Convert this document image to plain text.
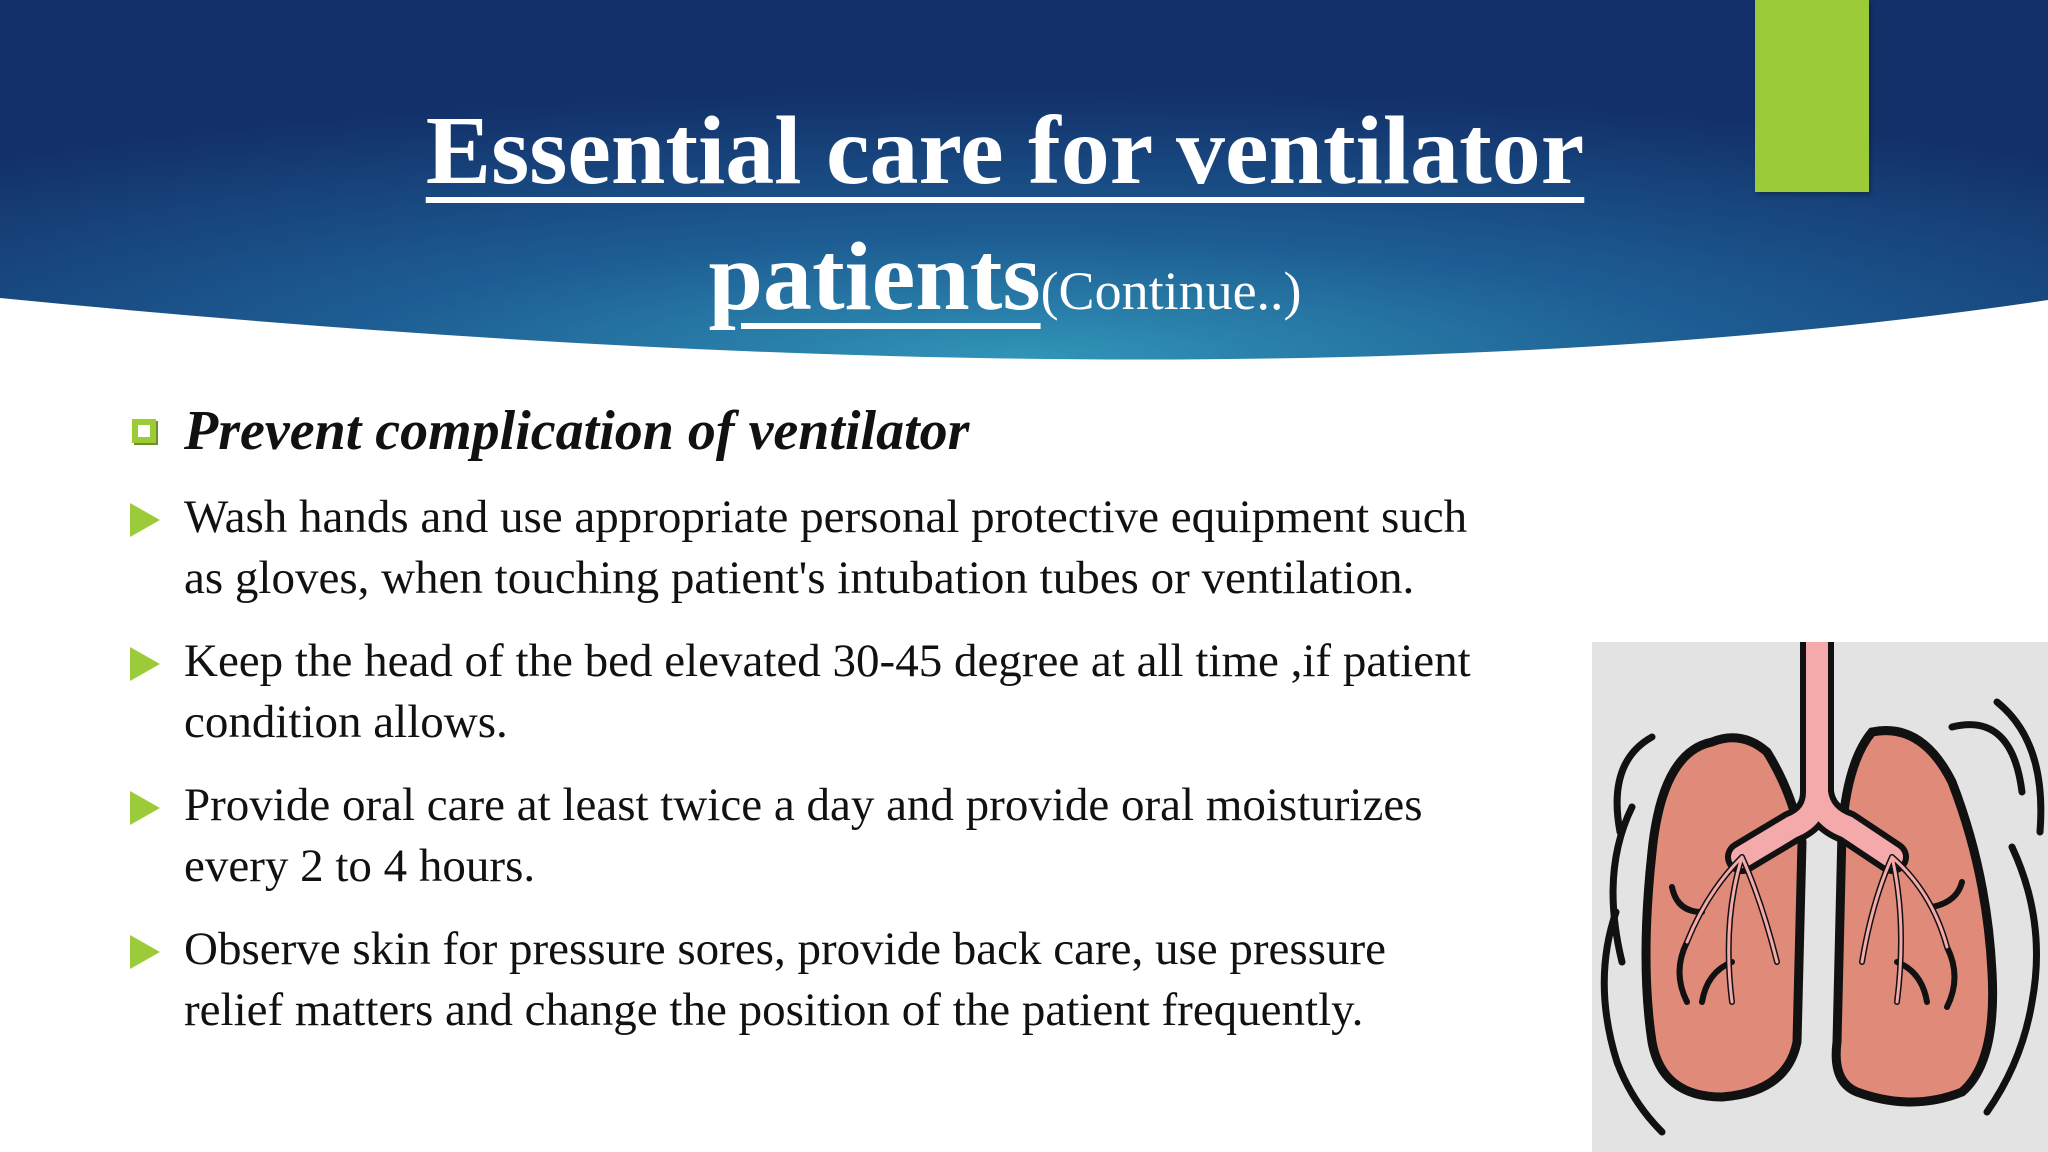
Essential care for ventilator
patients(Continue..)
Prevent complication of ventilator
Wash hands and use appropriate personal protective equipment such
as gloves, when touching patient's intubation tubes or ventilation.
Keep the head of the bed elevated 30-45 degree at all time ,if patient
condition allows.
Provide oral care at least twice a day and provide oral moisturizes
every 2 to 4 hours.
Observe skin for pressure sores, provide back care, use pressure
relief matters and change the position of the patient frequently.
